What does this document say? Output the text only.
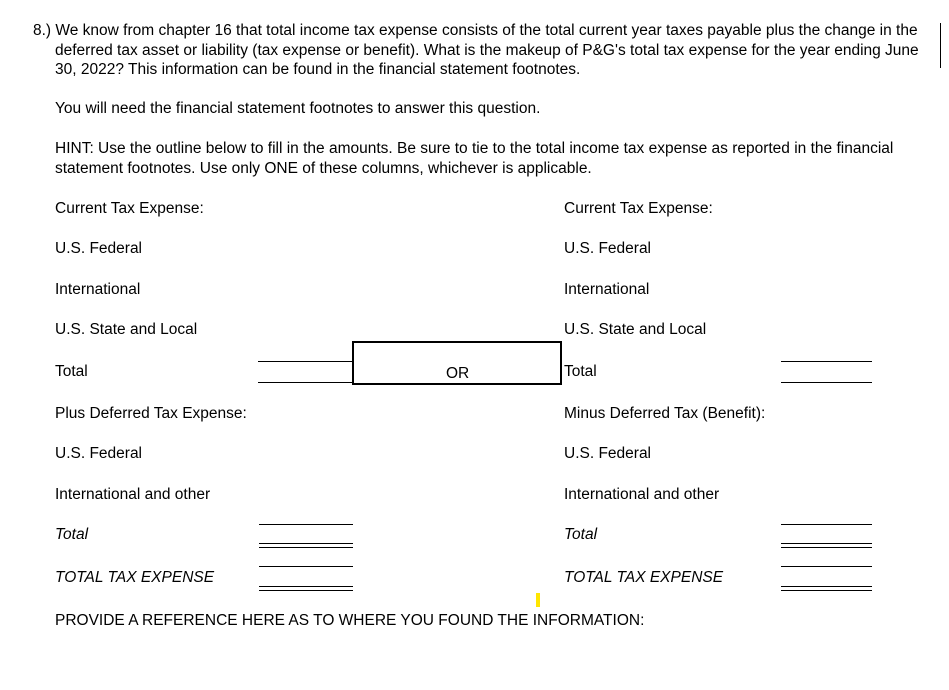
8.) We know from chapter 16 that total income tax expense consists of the total current year taxes payable plus the change in the
deferred tax asset or liability (tax expense or benefit). What is the makeup of P&G's total tax expense for the year ending June
30, 2022? This information can be found in the financial statement footnotes.
You will need the financial statement footnotes to answer this question.
HINT: Use the outline below to fill in the amounts. Be sure to tie to the total income tax expense as reported in the financial
statement footnotes. Use only ONE of these columns, whichever is applicable.
Current Tax Expense:
U.S. Federal
International
U.S. State and Local
Total
Plus Deferred Tax Expense:
U.S. Federal
International and other
Total
TOTAL TAX EXPENSE
OR
Current Tax Expense:
U.S. Federal
International
U.S. State and Local
Total
Minus Deferred Tax (Benefit):
U.S. Federal
International and other
Total
TOTAL TAX EXPENSE
PROVIDE A REFERENCE HERE AS TO WHERE YOU FOUND THE INFORMATION:
